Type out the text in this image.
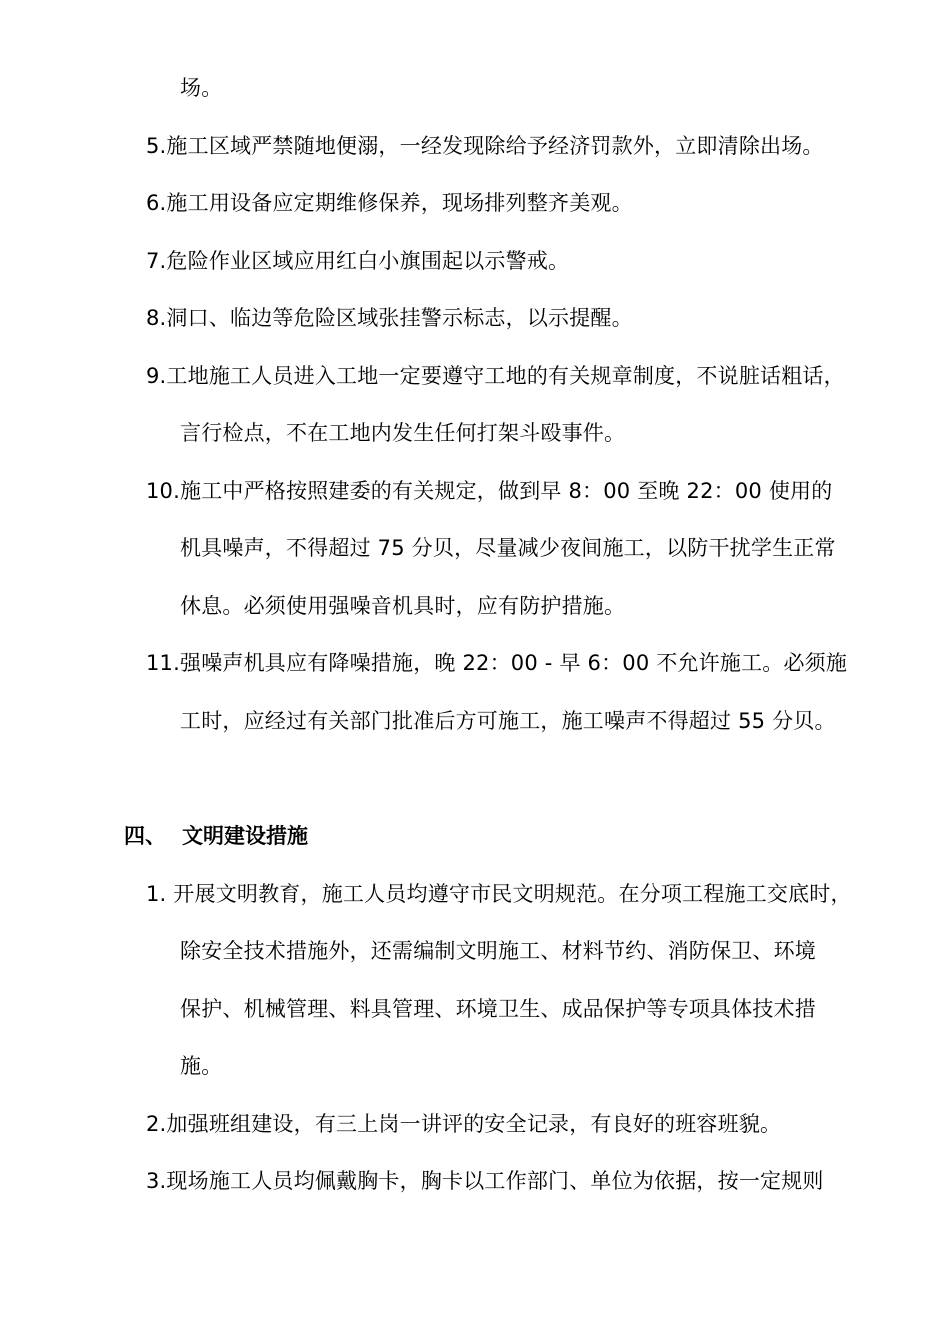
场。
5.施工区域严禁随地便溺，一经发现除给予经济罚款外，立即清除出场。
6.施工用设备应定期维修保养，现场排列整齐美观。
7.危险作业区域应用红白小旗围起以示警戒。
8.洞口、临边等危险区域张挂警示标志，以示提醒。
9.工地施工人员进入工地一定要遵守工地的有关规章制度，不说脏话粗话，
言行检点，不在工地内发生任何打架斗殴事件。
10.施工中严格按照建委的有关规定，做到早 8：00 至晚 22：00 使用的
机具噪声，不得超过 75 分贝，尽量减少夜间施工，以防干扰学生正常
休息。必须使用强噪音机具时，应有防护措施。
11.强噪声机具应有降噪措施，晚 22：00 - 早 6：00 不允许施工。必须施
工时，应经过有关部门批准后方可施工，施工噪声不得超过 55 分贝。
四、 文明建设措施
1. 开展文明教育，施工人员均遵守市民文明规范。在分项工程施工交底时，
除安全技术措施外，还需编制文明施工、材料节约、消防保卫、环境
保护、机械管理、料具管理、环境卫生、成品保护等专项具体技术措
施。
2.加强班组建设，有三上岗一讲评的安全记录，有良好的班容班貌。
3.现场施工人员均佩戴胸卡，胸卡以工作部门、单位为依据，按一定规则
